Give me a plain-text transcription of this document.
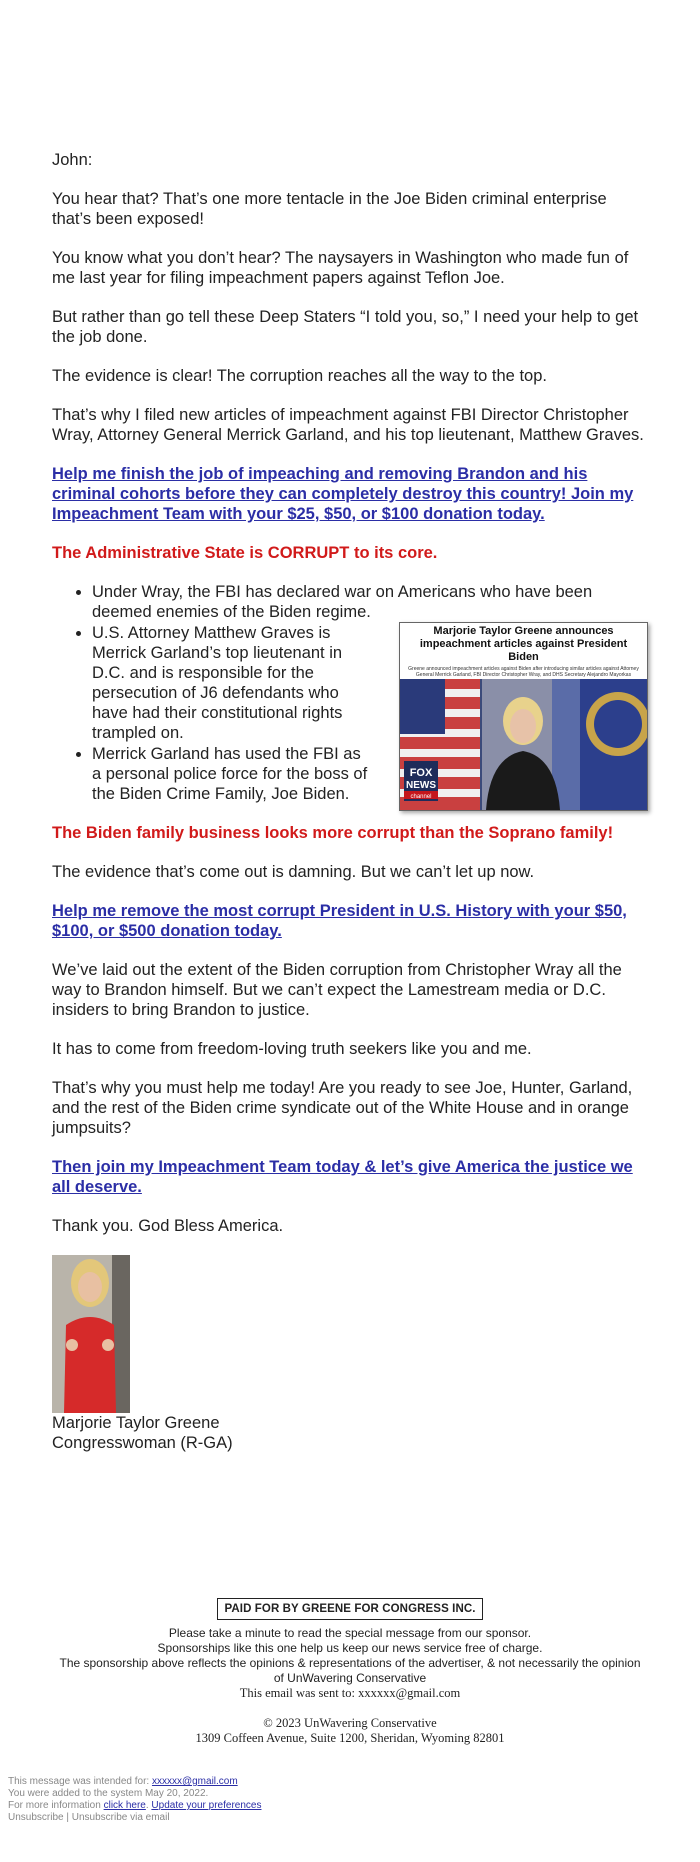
John:

You hear that? That’s one more tentacle in the Joe Biden criminal enterprise that’s been exposed!

You know what you don’t hear? The naysayers in Washington who made fun of me last year for filing impeachment papers against Teflon Joe.

But rather than go tell these Deep Staters “I told you, so,” I need your help to get the job done.

The evidence is clear! The corruption reaches all the way to the top.

That’s why I filed new articles of impeachment against FBI Director Christopher Wray, Attorney General Merrick Garland, and his top lieutenant, Matthew Graves.

Help me finish the job of impeaching and removing Brandon and his criminal cohorts before they can completely destroy this country! Join my Impeachment Team with your $25, $50, or $100 donation today.

The Administrative State is CORRUPT to its core.

• Under Wray, the FBI has declared war on Americans who have been deemed enemies of the Biden regime.
• U.S. Attorney Matthew Graves is Merrick Garland’s top lieutenant in D.C. and is responsible for the persecution of J6 defendants who have had their constitutional rights trampled on.
• Merrick Garland has used the FBI as a personal police force for the boss of the Biden Crime Family, Joe Biden.
Marjorie Taylor Greene announces impeachment articles against President Biden
Greene announced impeachment articles against Biden after introducing similar articles against Attorney General Merrick Garland, FBI Director Christopher Wray, and DHS Secretary Alejandro Mayorkas
FOX
NEWS
channel

The Biden family business looks more corrupt than the Soprano family!

The evidence that’s come out is damning. But we can’t let up now.

Help me remove the most corrupt President in U.S. History with your $50, $100, or $500 donation today.

We’ve laid out the extent of the Biden corruption from Christopher Wray all the way to Brandon himself. But we can’t expect the Lamestream media or D.C. insiders to bring Brandon to justice.

It has to come from freedom-loving truth seekers like you and me.

That’s why you must help me today! Are you ready to see Joe, Hunter, Garland, and the rest of the Biden crime syndicate out of the White House and in orange jumpsuits?

Then join my Impeachment Team today & let’s give America the justice we all deserve.

Thank you. God Bless America.

Marjorie Taylor Greene
Congresswoman (R-GA)
PAID FOR BY GREENE FOR CONGRESS INC.
Please take a minute to read the special message from our sponsor.
Sponsorships like this one help us keep our news service free of charge.
The sponsorship above reflects the opinions & representations of the advertiser, & not necessarily the opinion of UnWavering Conservative
This email was sent to: xxxxxx@gmail.com
© 2023 UnWavering Conservative
1309 Coffeen Avenue, Suite 1200, Sheridan, Wyoming 82801
This message was intended for: xxxxxx@gmail.com
You were added to the system May 20, 2022.
For more information click here. Update your preferences
Unsubscribe | Unsubscribe via email
